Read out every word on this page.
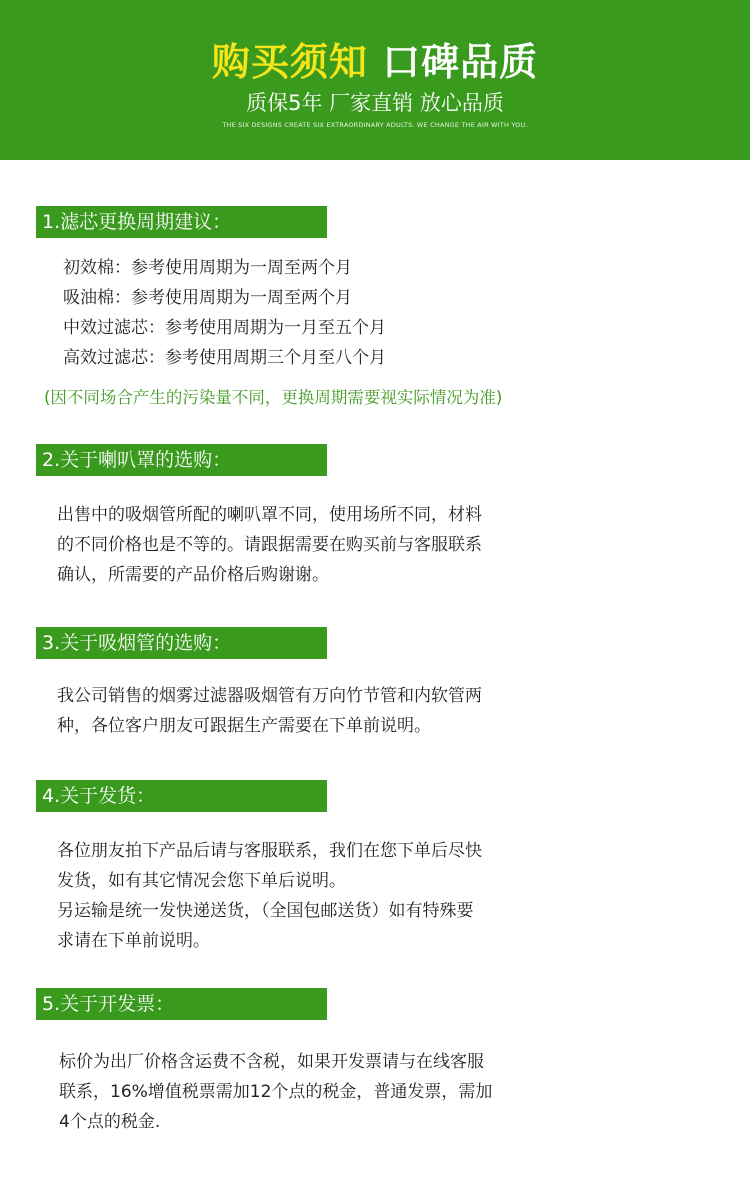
购买须知 口碑品质
质保5年 厂家直销 放心品质
THE SIX DESIGNS CREATE SIX EXTRAORDINARY ADULTS. WE CHANGE THE AIR WITH YOU.
1.滤芯更换周期建议：
初效棉：参考使用周期为一周至两个月
吸油棉：参考使用周期为一周至两个月
中效过滤芯：参考使用周期为一月至五个月
高效过滤芯：参考使用周期三个月至八个月
(因不同场合产生的污染量不同，更换周期需要视实际情况为准)
2.关于喇叭罩的选购：
出售中的吸烟管所配的喇叭罩不同，使用场所不同，材料
的不同价格也是不等的。请跟据需要在购买前与客服联系
确认，所需要的产品价格后购谢谢。
3.关于吸烟管的选购：
我公司销售的烟雾过滤器吸烟管有万向竹节管和内软管两
种，各位客户朋友可跟据生产需要在下单前说明。
4.关于发货：
各位朋友拍下产品后请与客服联系，我们在您下单后尽快
发货，如有其它情况会您下单后说明。
另运输是统一发快递送货，（全国包邮送货）如有特殊要
求请在下单前说明。
5.关于开发票：
标价为出厂价格含运费不含税，如果开发票请与在线客服
联系，16%增值税票需加12个点的税金，普通发票，需加
4个点的税金.
